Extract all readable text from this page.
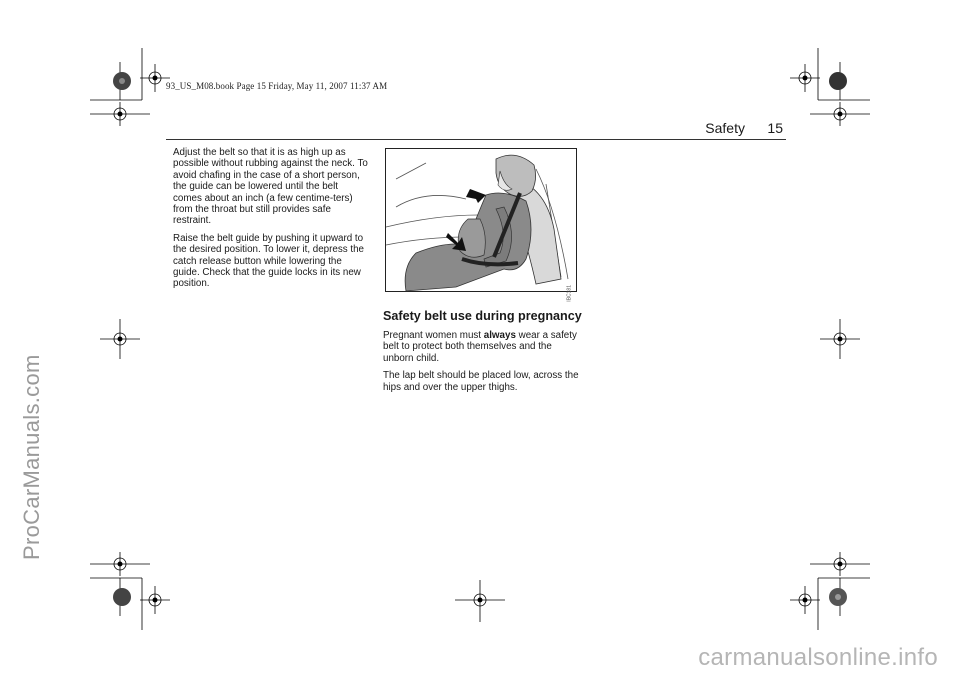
93_US_M08.book Page 15 Friday, May 11, 2007 11:37 AM
ProCarManuals.com
Safety 15

Adjust the belt so that it is as high up as possible without rubbing against the neck. To avoid chafing in the case of a short person, the guide can be lowered until the belt comes about an inch (a few centime-ters) from the throat but still provides safe restraint.

Raise the belt guide by pushing it upward to the desired position. To lower it, depress the catch release button while lowering the guide. Check that the guide locks in its new position.

IBC181
Safety belt use during pregnancy

Pregnant women must always wear a safety belt to protect both themselves and the unborn child.

The lap belt should be placed low, across the hips and over the upper thighs.

carmanualsonline.info
